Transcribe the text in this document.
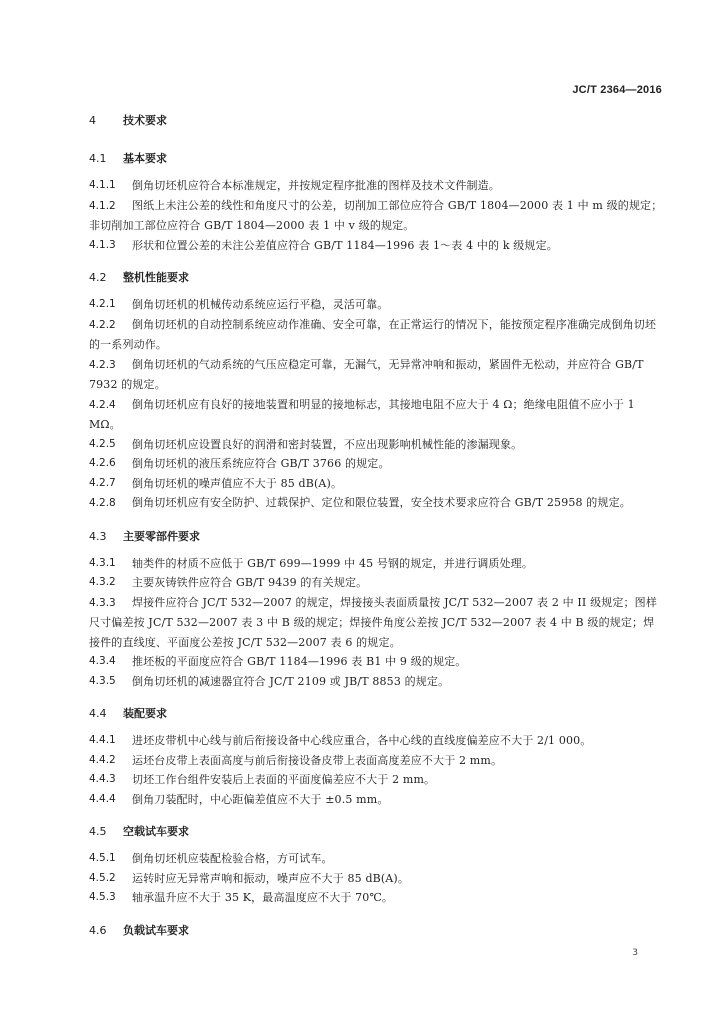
JC/T 2364—2016
4	技术要求
4.1	基本要求
4.1.1	倒角切坯机应符合本标准规定，并按规定程序批准的图样及技术文件制造。
4.1.2 图纸上未注公差的线性和角度尺寸的公差，切削加工部位应符合 GB/T 1804—2000 表 1 中 m 级的规定；非切削加工部位应符合 GB/T 1804—2000 表 1 中 v 级的规定。
4.1.3	形状和位置公差的未注公差值应符合 GB/T 1184—1996 表 1～表 4 中的 k 级规定。
4.2	整机性能要求
4.2.1	倒角切坯机的机械传动系统应运行平稳，灵活可靠。
4.2.2 倒角切坯机的自动控制系统应动作准确、安全可靠，在正常运行的情况下，能按预定程序准确完成倒角切坯的一系列动作。
4.2.3 倒角切坯机的气动系统的气压应稳定可靠，无漏气，无异常冲响和振动，紧固件无松动，并应符合 GB/T 7932 的规定。
4.2.4 倒角切坯机应有良好的接地装置和明显的接地标志，其接地电阻不应大于 4 Ω；绝缘电阻值不应小于 1 MΩ。
4.2.5	倒角切坯机应设置良好的润滑和密封装置，不应出现影响机械性能的渗漏现象。
4.2.6	倒角切坯机的液压系统应符合 GB/T 3766 的规定。
4.2.7	倒角切坯机的噪声值应不大于 85 dB(A)。
4.2.8 倒角切坯机应有安全防护、过载保护、定位和限位装置，安全技术要求应符合 GB/T 25958 的规定。
4.3	主要零部件要求
4.3.1	轴类件的材质不应低于 GB/T 699—1999 中 45 号钢的规定，并进行调质处理。
4.3.2	主要灰铸铁件应符合 GB/T 9439 的有关规定。
4.3.3 焊接件应符合 JC/T 532—2007 的规定，焊接接头表面质量按 JC/T 532—2007 表 2 中 II 级规定；图样尺寸偏差按 JC/T 532—2007 表 3 中 B 级的规定；焊接件角度公差按 JC/T 532—2007 表 4 中 B 级的规定；焊接件的直线度、平面度公差按 JC/T 532—2007 表 6 的规定。
4.3.4	推坯板的平面度应符合 GB/T 1184—1996 表 B1 中 9 级的规定。
4.3.5	倒角切坯机的减速器宜符合 JC/T 2109 或 JB/T 8853 的规定。
4.4	装配要求
4.4.1	进坯皮带机中心线与前后衔接设备中心线应重合，各中心线的直线度偏差应不大于 2/1 000。
4.4.2	运坯台皮带上表面高度与前后衔接设备皮带上表面高度差应不大于 2 mm。
4.4.3	切坯工作台组件安装后上表面的平面度偏差应不大于 2 mm。
4.4.4	倒角刀装配时，中心距偏差值应不大于 ±0.5 mm。
4.5	空载试车要求
4.5.1	倒角切坯机应装配检验合格，方可试车。
4.5.2	运转时应无异常声响和振动，噪声应不大于 85 dB(A)。
4.5.3	轴承温升应不大于 35 K，最高温度应不大于 70℃。
4.6	负载试车要求
3
